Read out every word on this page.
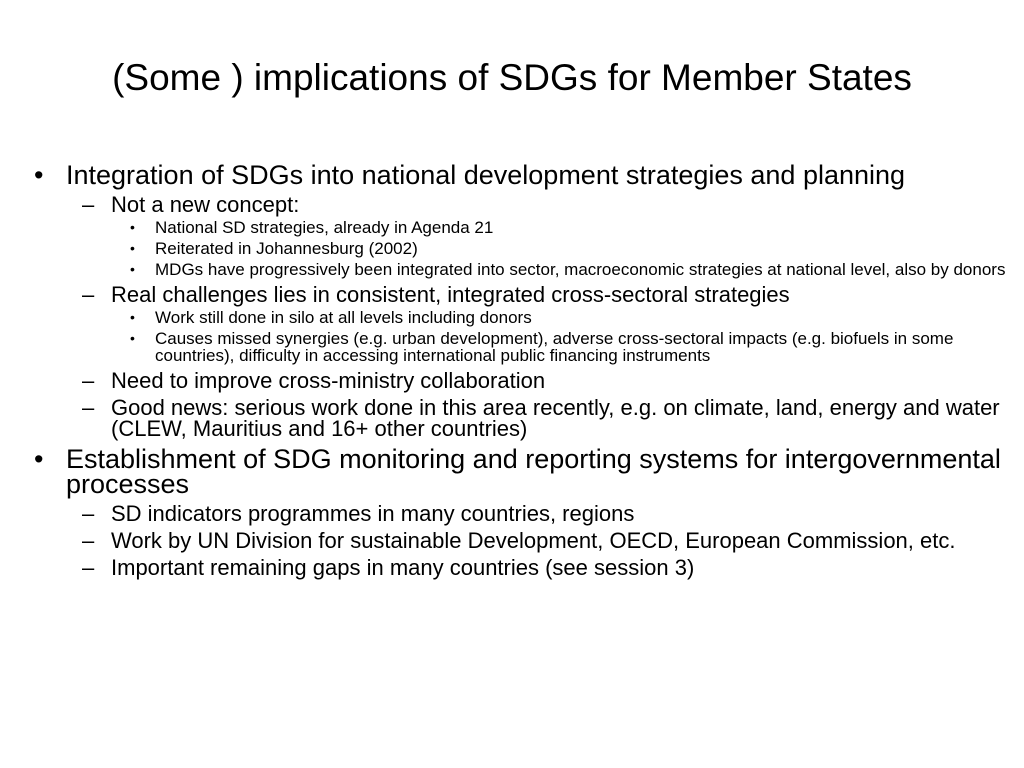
(Some ) implications of SDGs for Member States
• Integration of SDGs into national development strategies and planning
– Not a new concept:
• National SD strategies, already in Agenda 21
• Reiterated in Johannesburg (2002)
• MDGs have progressively been integrated into sector, macroeconomic strategies at national level, also by donors
– Real challenges lies in consistent, integrated cross-sectoral strategies
• Work still done in silo at all levels including donors
• Causes missed synergies (e.g. urban development), adverse cross-sectoral impacts (e.g. biofuels in some countries), difficulty in accessing international public financing instruments
– Need to improve cross-ministry collaboration
– Good news: serious work done in this area recently, e.g. on climate, land, energy and water (CLEW, Mauritius and 16+ other countries)
• Establishment of SDG monitoring and reporting systems for intergovernmental processes
– SD indicators programmes in many countries, regions
– Work by UN Division for sustainable Development, OECD, European Commission, etc.
– Important remaining gaps in many countries (see session 3)
